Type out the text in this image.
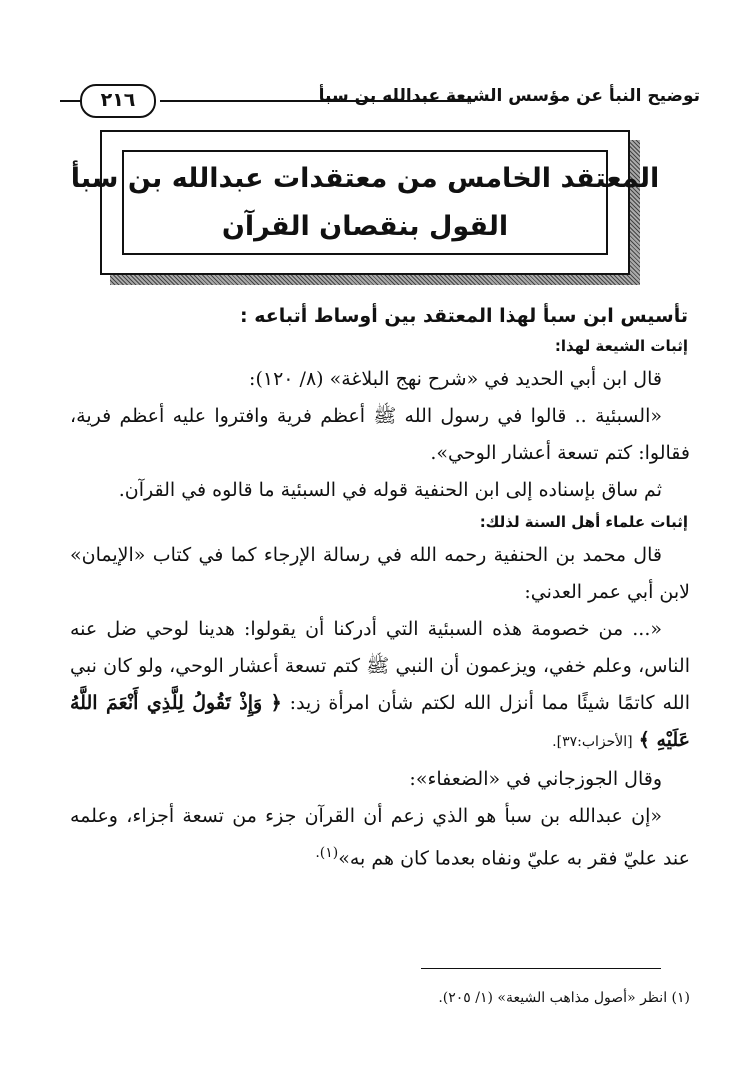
توضيح النبأ عن مؤسس الشيعة عبدالله بن سبأ
٢١٦
المعتقد الخامس من معتقدات عبدالله بن سبأ
القول بنقصان القرآن
تأسيس ابن سبأ لهذا المعتقد بين أوساط أتباعه :
إثبات الشيعة لهذا:

قال ابن أبي الحديد في «شرح نهج البلاغة» (٨/ ١٢٠):

«السبئية .. قالوا في رسول الله ﷺ أعظم فرية وافتروا عليه أعظم فرية، فقالوا: كتم تسعة أعشار الوحي».

ثم ساق بإسناده إلى ابن الحنفية قوله في السبئية ما قالوه في القرآن.

إثبات علماء أهل السنة لذلك:

قال محمد بن الحنفية رحمه الله في رسالة الإرجاء كما في كتاب «الإيمان» لابن أبي عمر العدني:

«... من خصومة هذه السبئية التي أدركنا أن يقولوا: هدينا لوحي ضل عنه الناس، وعلم خفي، ويزعمون أن النبي ﷺ كتم تسعة أعشار الوحي، ولو كان نبي الله كاتمًا شيئًا مما أنزل الله لكتم شأن امرأة زيد: ﴿ وَإِذْ تَقُولُ لِلَّذِي أَنْعَمَ اللَّهُ عَلَيْهِ ﴾ [الأحزاب:٣٧].

وقال الجوزجاني في «الضعفاء»:

«إن عبدالله بن سبأ هو الذي زعم أن القرآن جزء من تسعة أجزاء، وعلمه عند عليّ فقر به عليّ ونفاه بعدما كان هم به»$^{(١).}$

(١) انظر «أصول مذاهب الشيعة» (١/ ٢٠٥).
